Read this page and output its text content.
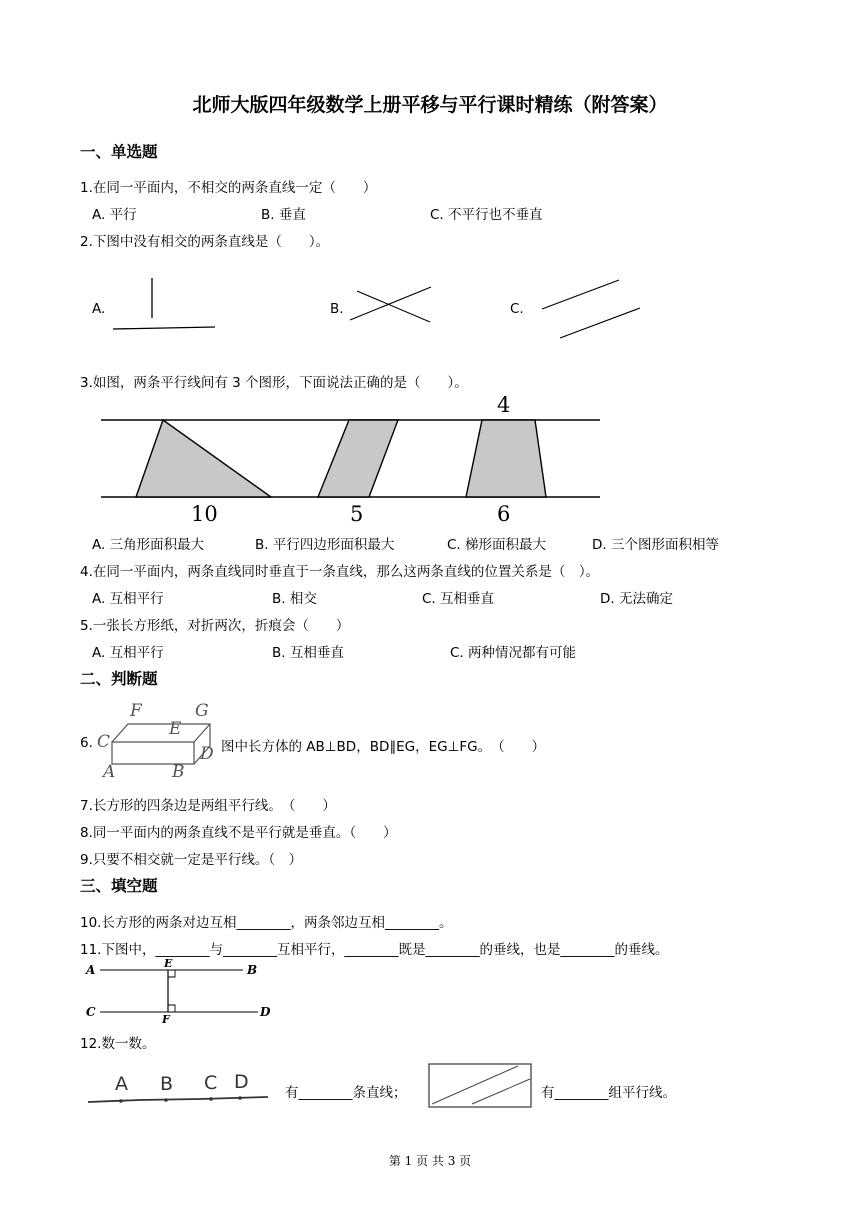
北师大版四年级数学上册平移与平行课时精练（附答案）
一、单选题
1.在同一平面内，不相交的两条直线一定（　　）
A. 平行	B. 垂直	C. 不平行也不垂直
2.下图中没有相交的两条直线是（　　）。
A.	B.	C.
3.如图，两条平行线间有 3 个图形，下面说法正确的是（　　）。
4
10	5	6
A. 三角形面积最大	B. 平行四边形面积最大	C. 梯形面积最大	D. 三个图形面积相等
4.在同一平面内，两条直线同时垂直于一条直线，那么这两条直线的位置关系是（　）。
A. 互相平行	B. 相交	C. 互相垂直	D. 无法确定
5.一张长方形纸，对折两次，折痕会（　　）
A. 互相平行	B. 互相垂直	C. 两种情况都有可能
二、判断题
6.
F	G
C
E
D
A	B
图中长方体的 AB⊥BD，BD∥EG，EG⊥FG。　（　　）
7.长方形的四条边是两组平行线。　（　　）
8.同一平面内的两条直线不是平行就是垂直。（　　）
9.只要不相交就一定是平行线。（　）
三、填空题
10.长方形的两条对边互相________，两条邻边互相________。
11.下图中，________与________互相平行，________既是________的垂线，也是________的垂线。
A	B
E
C	D
F
12.数一数。
A B C D	有________条直线；	有________组平行线。
第 1 页 共 3 页
